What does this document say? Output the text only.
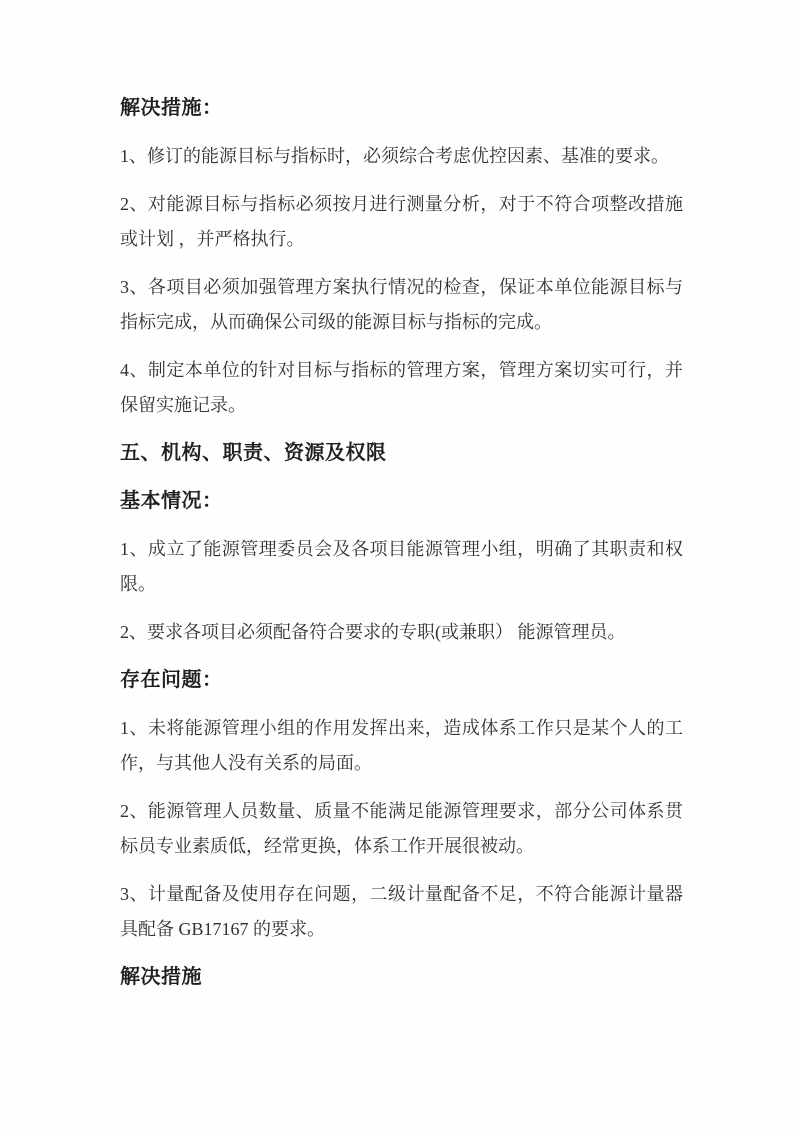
解决措施：

1、修订的能源目标与指标时，必须综合考虑优控因素、基准的要求。

2、对能源目标与指标必须按月进行测量分析，对于不符合项整改措施或计划 ，并严格执行。

3、各项目必须加强管理方案执行情况的检查，保证本单位能源目标与指标完成，从而确保公司级的能源目标与指标的完成。

4、制定本单位的针对目标与指标的管理方案，管理方案切实可行，并保留实施记录。

五、机构、职责、资源及权限
基本情况：

1、成立了能源管理委员会及各项目能源管理小组，明确了其职责和权限。

2、要求各项目必须配备符合要求的专职(或兼职） 能源管理员。

存在问题：

1、未将能源管理小组的作用发挥出来，造成体系工作只是某个人的工作，与其他人没有关系的局面。

2、能源管理人员数量、质量不能满足能源管理要求，部分公司体系贯标员专业素质低，经常更换，体系工作开展很被动。

3、计量配备及使用存在问题，二级计量配备不足，不符合能源计量器具配备 GB17167 的要求。

解决措施
